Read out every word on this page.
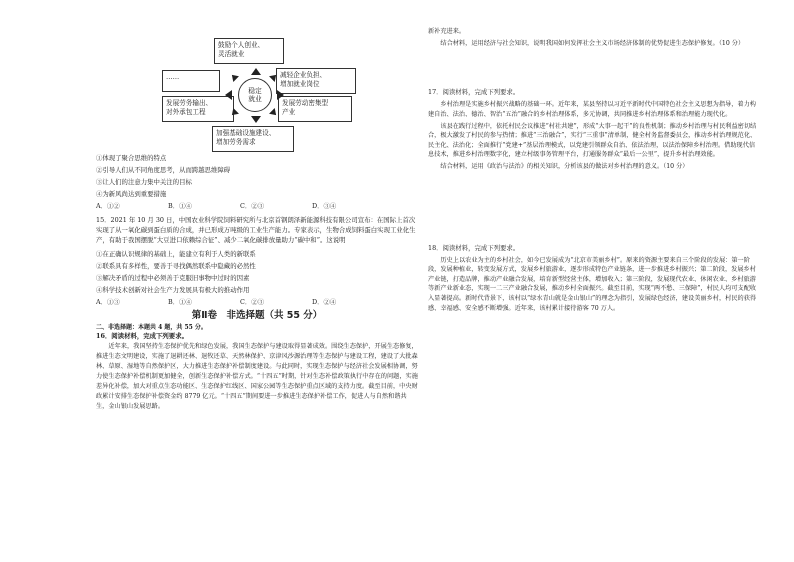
鼓励个人创业、
灵活就业
……	减轻企业负担、
增加就业岗位
发展劳务输出、
对外承包工程
发展劳动密集型
产业
加强基础设施建设、
增加劳务需求
稳定
就业

①体现了聚合思维的特点

②引导人们从不同角度思考，从而跨越思维障碍

③让人们的注意力集中关注的目标

④为新风尚达到重要措施

A．①②	B．①④	C．②③	D．③④

15．2021 年 10 月 30 日，中国农业科学院饲料研究所与北京首钢朗泽新能源科技有限公司宣布：在国际上首次实现了从一氧化碳到蛋白质的合成，并已形成万吨级的工业生产能力。专家表示，生物合成饲料蛋白实现工业化生产，有助于我国摆脱“大豆进口依赖综合征”、减少二氧化碳排放量助力“碳中和”。这说明

①在正确认识规律的基础上，能建立有利于人类的新联系

②联系具有多样性，要善于寻找偶然联系中隐藏的必然性

③解决矛盾的过程中必须善于克服旧事物中过时的因素

④科学技术创新对社会生产力发展具有极大的推动作用

A．①③	B．①④	C．②③	D．②④
第Ⅱ卷　非选择题（共 55 分）

二、非选择题：本题共 4 题，共 55 分。

16．阅读材料，完成下列要求。

近年来，我国坚持生态保护优先和绿色发展，我国生态保护与建设取得显著成效。围绕生态保护，开展生态修复，推进生态文明建设，实施了退耕还林、退牧还草、天然林保护、京津风沙源治理等生态保护与建设工程，建设了大批森林、草原、湿地等自然保护区，大力推进生态保护补偿制度建设。与此同时，实现生态保护与经济社会发展相协调，努力使生态保护补偿机制更加健全，创新生态保护补偿方式。“十四五”时期，针对生态补偿政策执行中存在的问题，实施差异化补偿，加大对重点生态功能区、生态保护红线区、国家公园等生态保护重点区域的支持力度。截至目前，中央财政累计安排生态保护补偿资金约 8779 亿元。“十四五”期间要进一步推进生态保护补偿工作，促进人与自然和谐共生，金山银山发展思路。

新补充进来。

结合材料，运用经济与社会知识，说明我国如何发挥社会主义市场经济体制的优势促进生态保护修复。（10 分）

17．阅读材料，完成下列要求。

乡村治理是实施乡村振兴战略的基础一环。近年来，某县坚持以习近平新时代中国特色社会主义思想为指导，着力构建自治、法治、德治、智治“五治”融合的乡村治理体系，多元协调，共同推进乡村治理体系和治理能力现代化。

该县在践行过程中，依托村民会议推进“村社共建”，形成“大事一起干”的良性机制；推动乡村治理与村民利益密切结合，极大激发了村民的参与热情；推进“三治融合”，实行“三重事”清单制，健全村务监督委员会，推动乡村治理规范化、民主化、法治化；全面推行“党建+”基层治理模式，以党建引领群众自治、依法治理，以法治保障乡村治理。借助现代信息技术，推进乡村治理数字化，建立村级事务管理平台，打通服务群众“最后一公里”，提升乡村治理效能。

结合材料，运用《政治与法治》的相关知识，分析该县的做法对乡村治理的意义。（10 分）

18．阅读材料，完成下列要求。

历史上以农业为主的乡村社会，如今已发展成为“北京市美丽乡村”。原来的资源主要来自三个阶段的发展：第一阶段，发展种植业，转变发展方式，发展乡村旅游业，逐步形成特色产业链条，进一步推进乡村振兴；第二阶段，发展乡村产业链，打造品牌，推动产业融合发展，培育新型经营主体，增加收入；第三阶段，发展现代农业、休闲农业、乡村旅游等新产业新业态，实现一二三产业融合发展，推动乡村全面振兴。截至目前，实现“两不愁、三保障”，村民人均可支配收入显著提高。新时代背景下，该村以“绿水青山就是金山银山”的理念为指引，发展绿色经济，建设美丽乡村，村民的获得感、幸福感、安全感不断增强。近年来，该村累计接待游客 70 万人。
